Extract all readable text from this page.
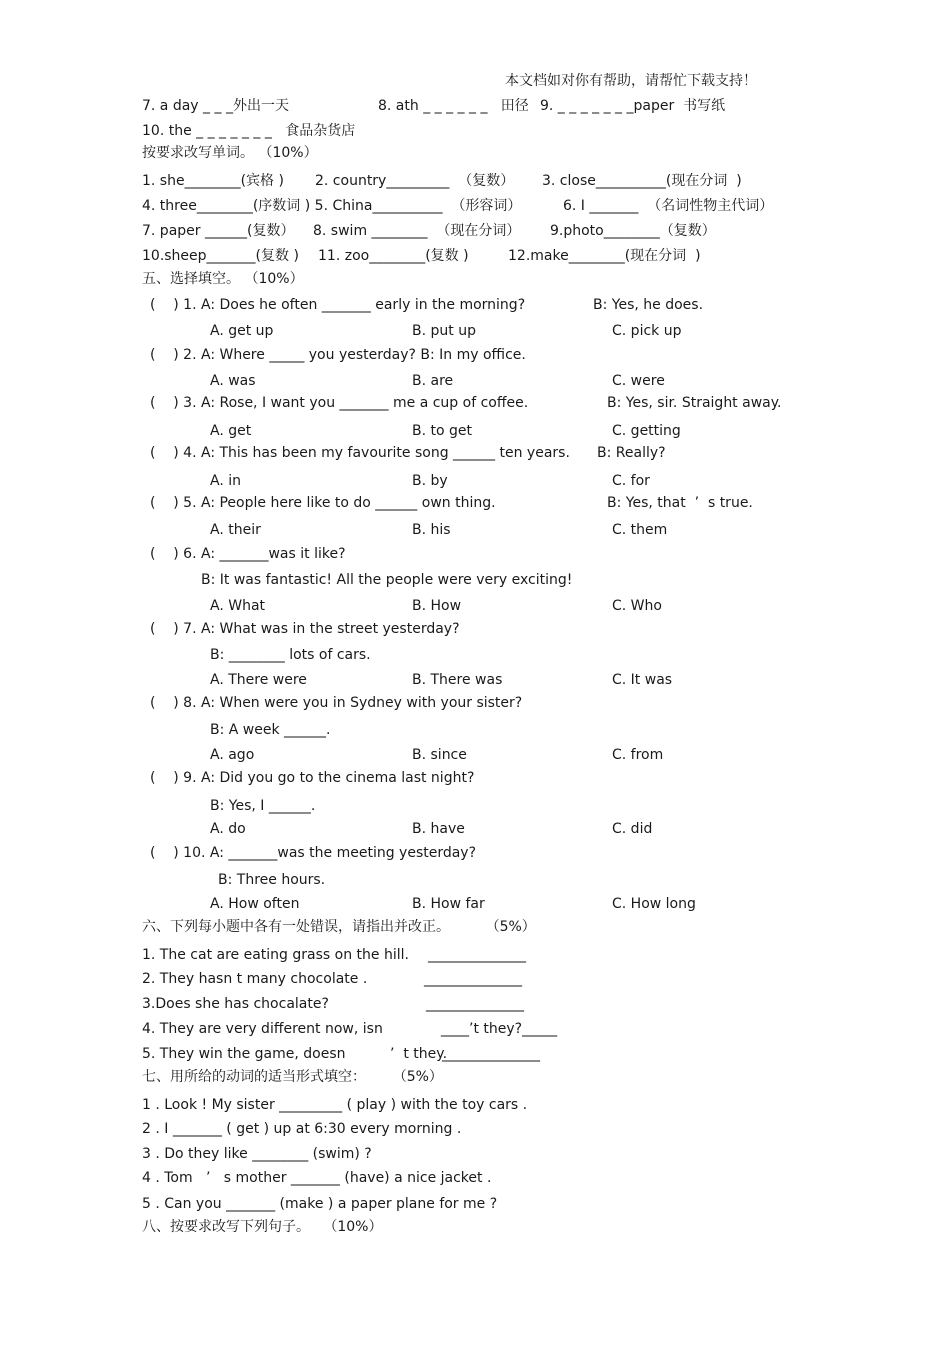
本文档如对你有帮助，请帮忙下载支持！
7. a day _ _ _外出一天	8. ath _ _ _ _ _ _   田径 9. _ _ _ _ _ _ _paper  书写纸
10. the _ _ _ _ _ _ _   食品杂货店
按要求改写单词。 （10%）
1. she________(宾格 ) 2. country_________  （复数） 3. close__________(现在分词  )
4. three________(序数词 ) 5. China__________  （形容词）	6. I _______  （名词性物主代词）
7. paper ______(复数） 8. swim ________  （现在分词） 9.photo________（复数）
10.sheep_______(复数 ) 11. zoo________(复数 )	12.make________(现在分词  )
五、选择填空。 （10%）
(    ) 1. A: Does he often _______ early in the morning?	B: Yes, he does.
A. get up	B. put up	C. pick up
(    ) 2. A: Where _____ you yesterday? B: In my office.
A. was	B. are	C. were
(    ) 3. A: Rose, I want you _______ me a cup of coffee.	B: Yes, sir. Straight away.
A. get	B. to get	C. getting
(    ) 4. A: This has been my favourite song ______ ten years. B: Really?
A. in	B. by	C. for
(    ) 5. A: People here like to do ______ own thing.	B: Yes, that  ’  s true.
A. their	B. his	C. them
(    ) 6. A: _______was it like?
B: It was fantastic! All the people were very exciting!
A. What	B. How	C. Who
(    ) 7. A: What was in the street yesterday?
B: ________ lots of cars.
A. There were	B. There was	C. It was
(    ) 8. A: When were you in Sydney with your sister?
B: A week ______.
A. ago	B. since	C. from
(    ) 9. A: Did you go to the cinema last night?
B: Yes, I ______.
A. do	B. have	C. did
(    ) 10. A: _______was the meeting yesterday?
B: Three hours.
A. How often	B. How far	C. How long
六、下列每小题中各有一处错误，请指出并改正。        （5%）
1. The cat are eating grass on the hill. ______________
2. They hasn t many chocolate .	______________
3.Does she has chocalate?	______________
4. They are very different now, isn	____’t they?_____
5. They win the game, doesn          ’  t they.
______________
七、用所给的动词的适当形式填空：      （5%）
1 . Look ! My sister _________ ( play ) with the toy cars .
2 . I _______ ( get ) up at 6:30 every morning .
3 . Do they like ________ (swim) ?
4 . Tom   ’   s mother _______ (have) a nice jacket .
5 . Can you _______ (make ) a paper plane for me ?
八、按要求改写下列句子。   （10%）
